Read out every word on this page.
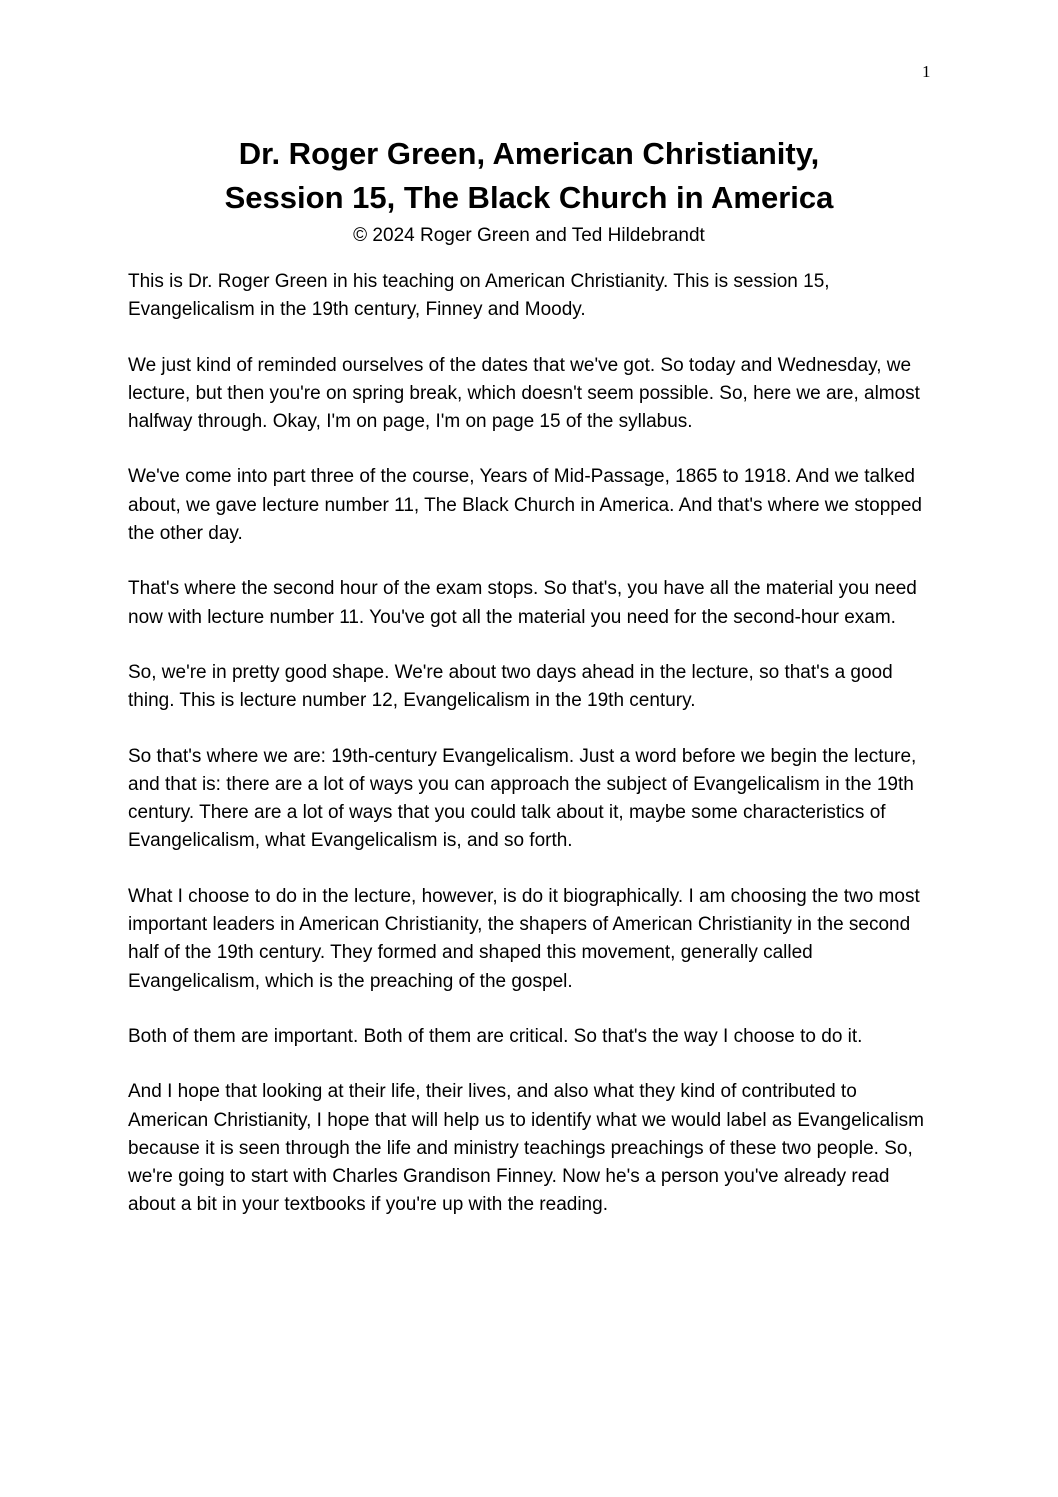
1
Dr. Roger Green, American Christianity,
Session 15, The Black Church in America
© 2024 Roger Green and Ted Hildebrandt

This is Dr. Roger Green in his teaching on American Christianity. This is session 15, Evangelicalism in the 19th century, Finney and Moody.

We just kind of reminded ourselves of the dates that we've got. So today and Wednesday, we lecture, but then you're on spring break, which doesn't seem possible. So, here we are, almost halfway through. Okay, I'm on page, I'm on page 15 of the syllabus.

We've come into part three of the course, Years of Mid-Passage, 1865 to 1918. And we talked about, we gave lecture number 11, The Black Church in America. And that's where we stopped the other day.

That's where the second hour of the exam stops. So that's, you have all the material you need now with lecture number 11. You've got all the material you need for the second-hour exam.

So, we're in pretty good shape. We're about two days ahead in the lecture, so that's a good thing. This is lecture number 12, Evangelicalism in the 19th century.

So that's where we are: 19th-century Evangelicalism. Just a word before we begin the lecture, and that is: there are a lot of ways you can approach the subject of Evangelicalism in the 19th century. There are a lot of ways that you could talk about it, maybe some characteristics of Evangelicalism, what Evangelicalism is, and so forth.

What I choose to do in the lecture, however, is do it biographically. I am choosing the two most important leaders in American Christianity, the shapers of American Christianity in the second half of the 19th century. They formed and shaped this movement, generally called Evangelicalism, which is the preaching of the gospel.

Both of them are important. Both of them are critical. So that's the way I choose to do it.

And I hope that looking at their life, their lives, and also what they kind of contributed to American Christianity, I hope that will help us to identify what we would label as Evangelicalism because it is seen through the life and ministry teachings preachings of these two people. So, we're going to start with Charles Grandison Finney. Now he's a person you've already read about a bit in your textbooks if you're up with the reading.
